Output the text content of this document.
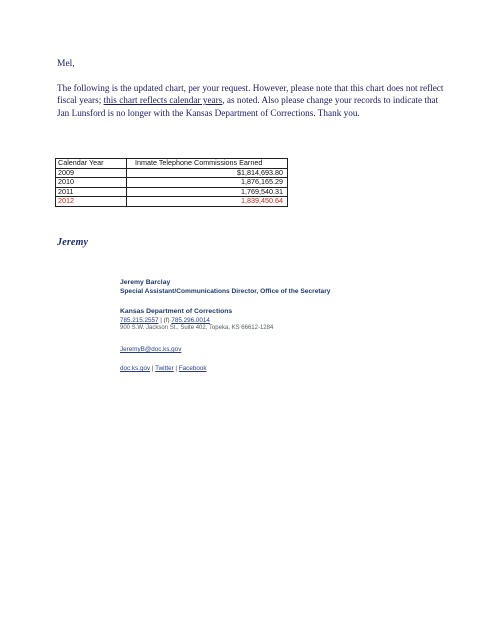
Mel,
The following is the updated chart, per your request. However, please note that this chart does not reflect fiscal years; this chart reflects calendar years, as noted. Also please change your records to indicate that Jan Lunsford is no longer with the Kansas Department of Corrections. Thank you.
Calendar Year	Inmate Telephone Commissions Earned
2009	$1,814,693.80
2010	1,876,165.29
2011	1,769,540.31
2012	1,839,450.64
Jeremy
Jeremy Barclay
Special Assistant/Communications Director, Office of the Secretary
Kansas Department of Corrections
785.215.2557 | (f) 785.296.0014
900 S.W. Jackson St., Suite 402, Topeka, KS 66612-1284
JeremyB@doc.ks.gov
doc.ks.gov | Twitter | Facebook
